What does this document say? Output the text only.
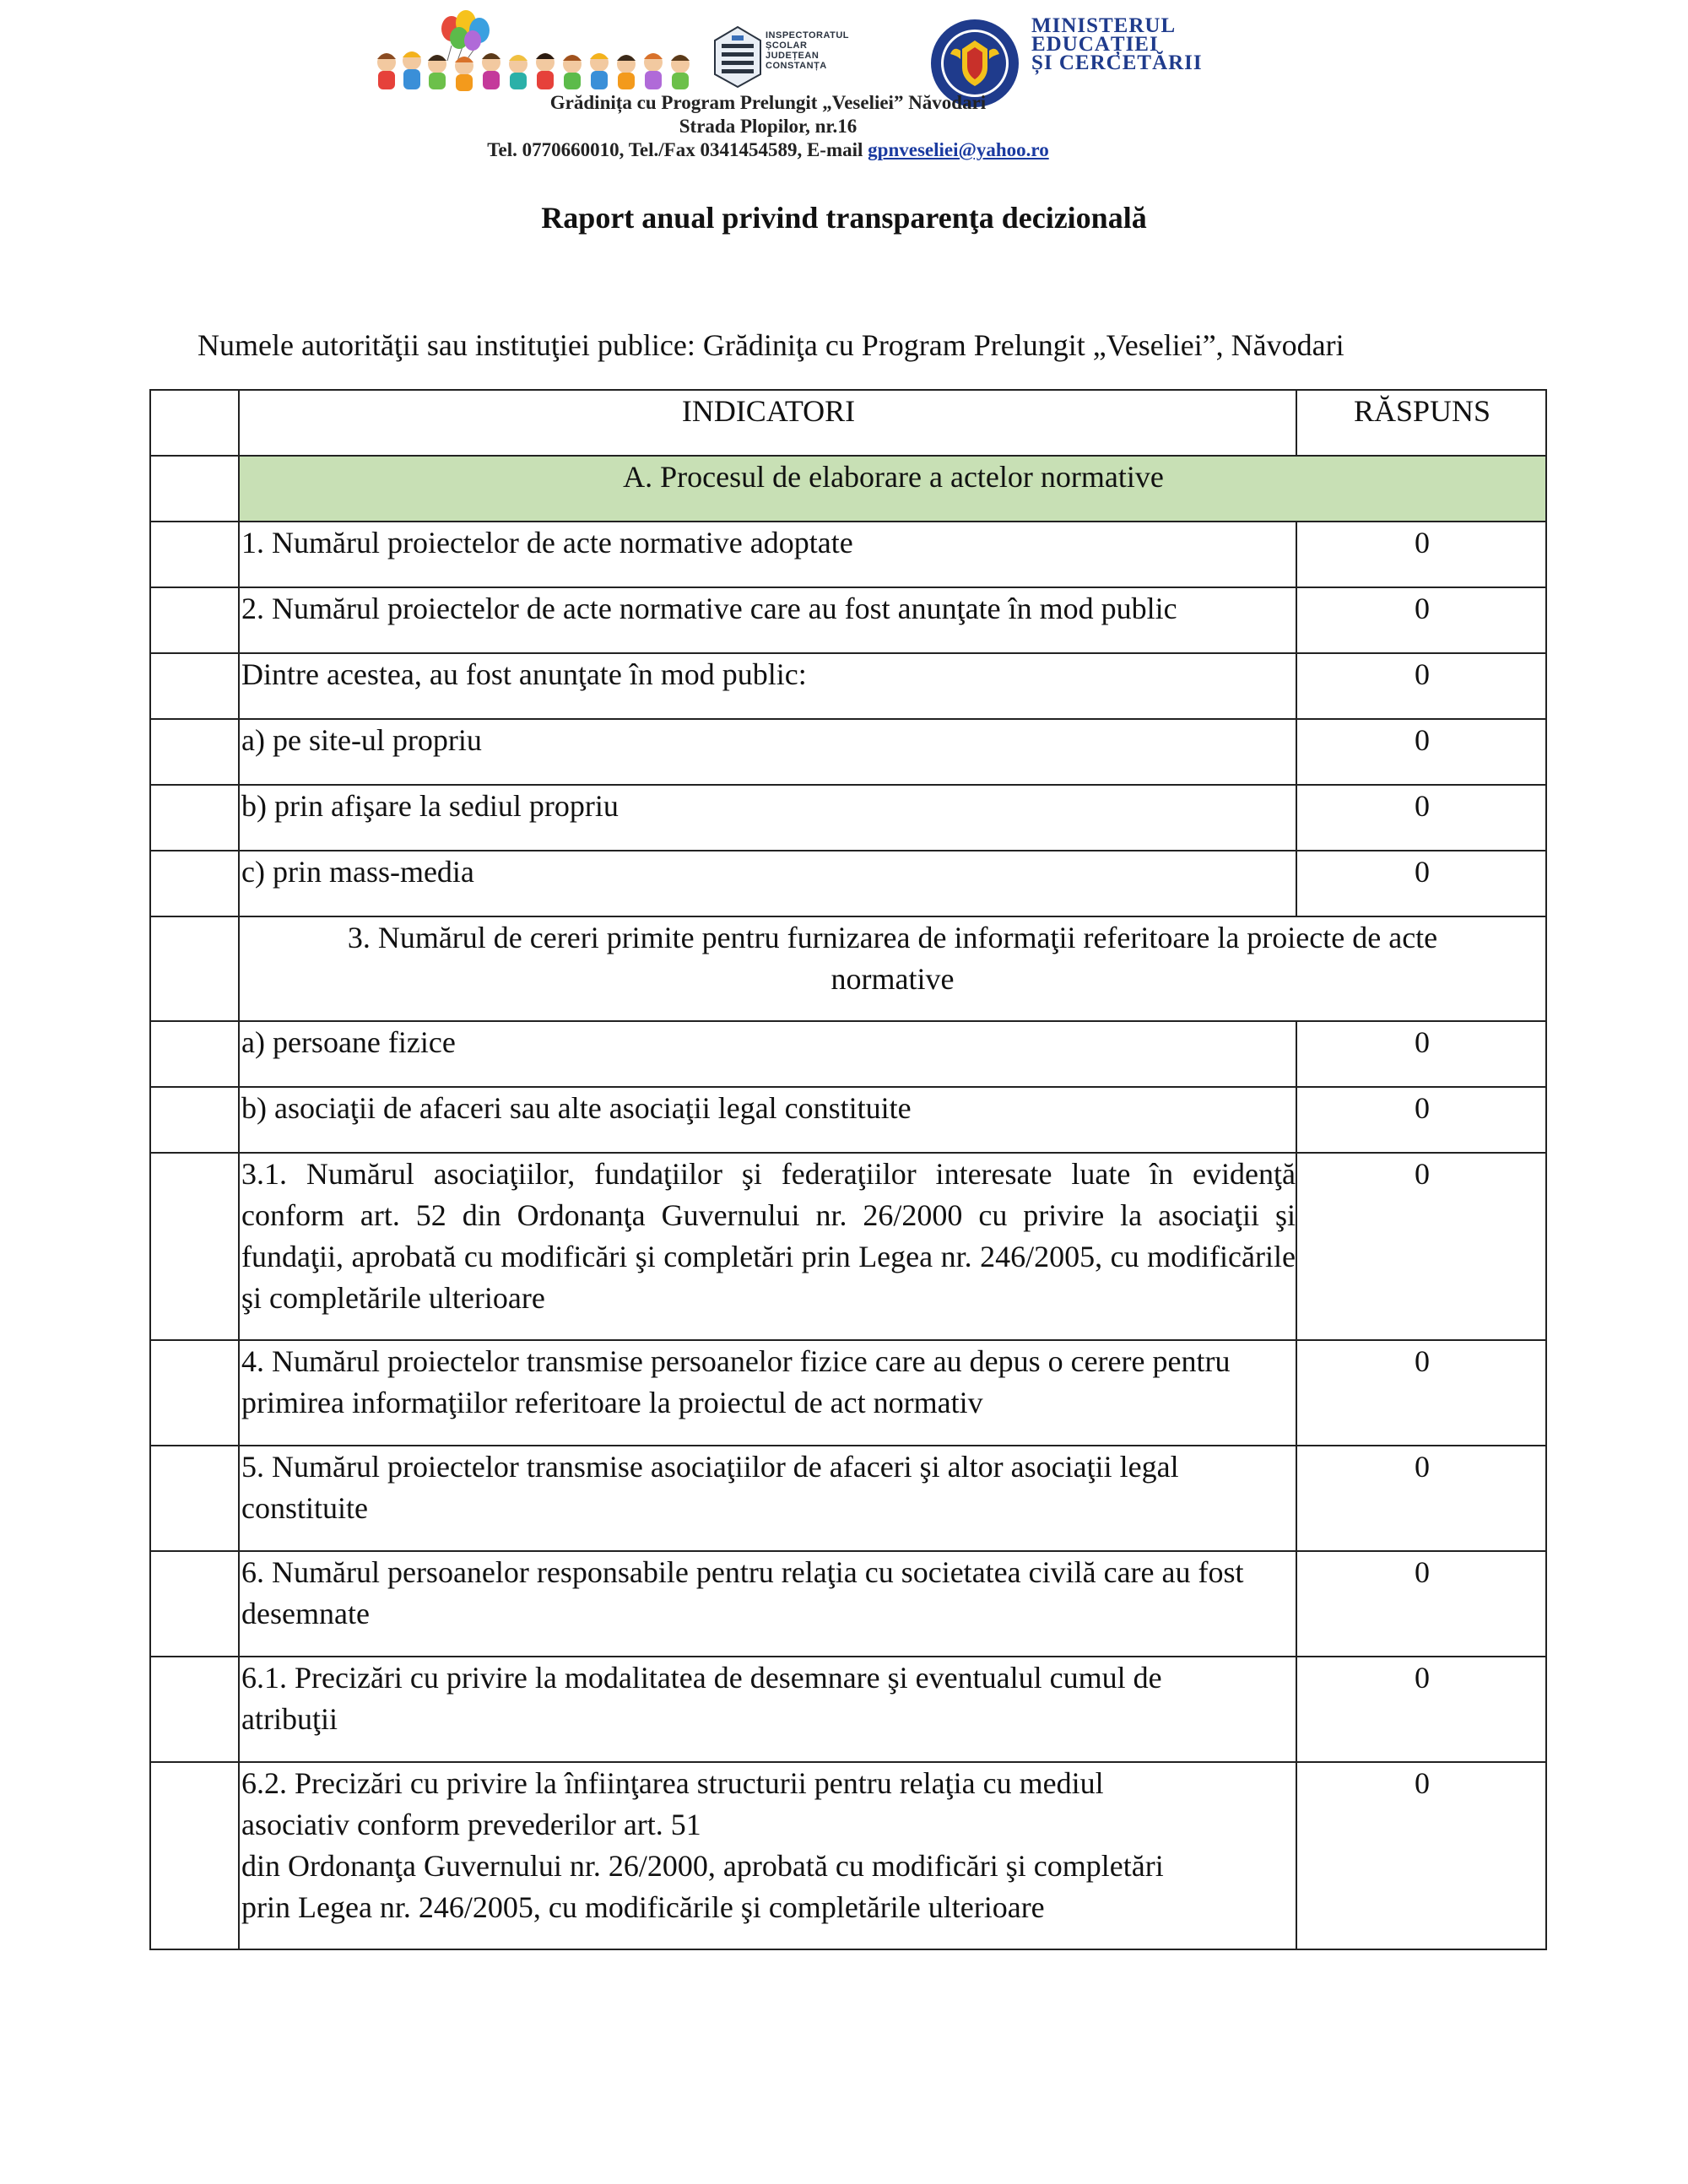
INSPECTORATUL
ȘCOLAR
JUDEȚEAN
CONSTANȚA
MINISTERUL
EDUCAȚIEI
ȘI CERCETĂRII
Grădinița cu Program Prelungit „Veseliei” Năvodari
Strada Plopilor, nr.16
Tel. 0770660010, Tel./Fax 0341454589, E-mail gpnveseliei@yahoo.ro
Raport anual privind transparenţa decizională
Numele autorităţii sau instituţiei publice: Grădiniţa cu Program Prelungit „Veseliei”, Năvodari
	INDICATORI	RĂSPUNS
	A. Procesul de elaborare a actelor normative	
	1. Numărul proiectelor de acte normative adoptate	0
	2. Numărul proiectelor de acte normative care au fost anunţate în mod public	0
	Dintre acestea, au fost anunţate în mod public:	0
	a) pe site-ul propriu	0
	b) prin afişare la sediul propriu	0
	c) prin mass-media	0
	3. Numărul de cereri primite pentru furnizarea de informaţii referitoare la proiecte de acte normative	
	a) persoane fizice	0
	b) asociaţii de afaceri sau alte asociaţii legal constituite	0
	3.1. Numărul asociaţiilor, fundaţiilor şi federaţiilor interesate luate în evidenţă conform art. 52 din Ordonanţa Guvernului nr. 26/2000 cu privire la asociaţii şi fundaţii, aprobată cu modificări şi completări prin Legea nr. 246/2005, cu modificările şi completările ulterioare	0
	4. Numărul proiectelor transmise persoanelor fizice care au depus o cerere pentru primirea informaţiilor referitoare la proiectul de act normativ	0
	5. Numărul proiectelor transmise asociaţiilor de afaceri şi altor asociaţii legal constituite	0
	6. Numărul persoanelor responsabile pentru relaţia cu societatea civilă care au fost desemnate	0
	6.1. Precizări cu privire la modalitatea de desemnare şi eventualul cumul de atribuţii	0

	6.2. Precizări cu privire la înfiinţarea structurii pentru relaţia cu mediul
asociativ conform prevederilor art. 51
din Ordonanţa Guvernului nr. 26/2000, aprobată cu modificări şi completări
prin Legea nr. 246/2005, cu modificările şi completările ulterioare	0
